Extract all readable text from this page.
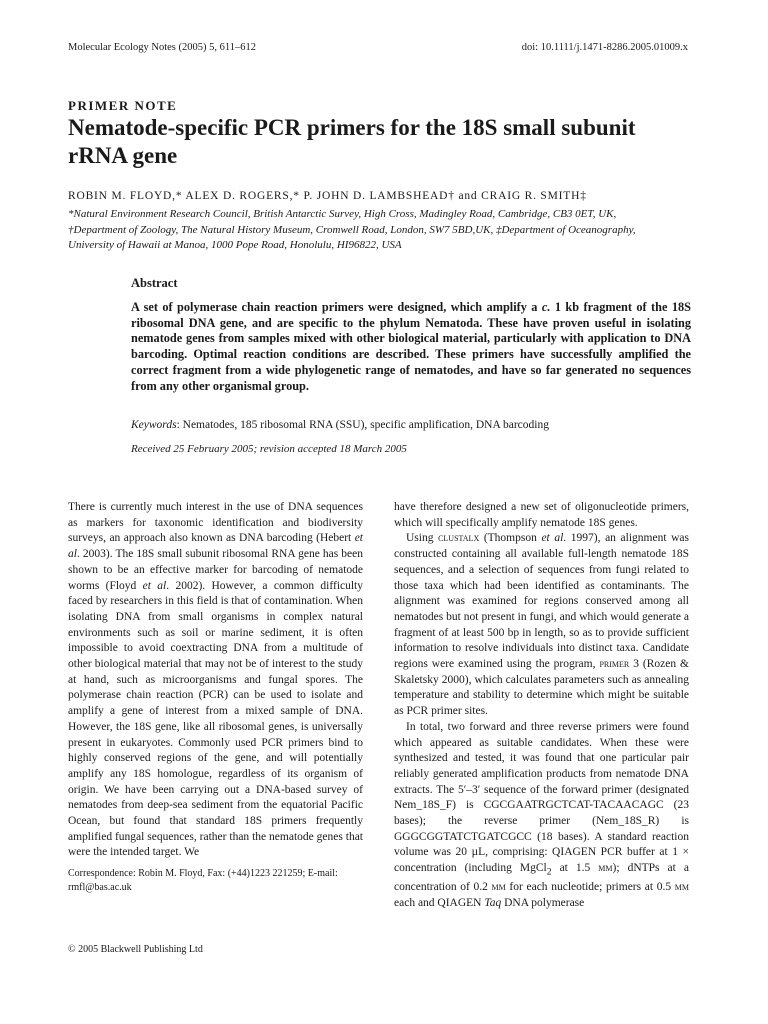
Molecular Ecology Notes (2005) 5, 611–612	doi: 10.1111/j.1471-8286.2005.01009.x
PRIMER NOTE
Nematode-specific PCR primers for the 18S small subunit rRNA gene
ROBIN M. FLOYD,* ALEX D. ROGERS,* P. JOHN D. LAMBSHEAD† and CRAIG R. SMITH‡
*Natural Environment Research Council, British Antarctic Survey, High Cross, Madingley Road, Cambridge, CB3 0ET, UK,
†Department of Zoology, The Natural History Museum, Cromwell Road, London, SW7 5BD,UK, ‡Department of Oceanography,
University of Hawaii at Manoa, 1000 Pope Road, Honolulu, HI96822, USA
Abstract
A set of polymerase chain reaction primers were designed, which amplify a c. 1 kb fragment of the 18S ribosomal DNA gene, and are specific to the phylum Nematoda. These have proven useful in isolating nematode genes from samples mixed with other biological material, particularly with application to DNA barcoding. Optimal reaction conditions are described. These primers have successfully amplified the correct fragment from a wide phylogenetic range of nematodes, and have so far generated no sequences from any other organismal group.
Keywords: Nematodes, 185 ribosomal RNA (SSU), specific amplification, DNA barcoding
Received 25 February 2005; revision accepted 18 March 2005

There is currently much interest in the use of DNA sequences as markers for taxonomic identification and biodiversity surveys, an approach also known as DNA barcoding (Hebert et al. 2003). The 18S small subunit ribosomal RNA gene has been shown to be an effective marker for barcoding of nematode worms (Floyd et al. 2002). However, a common difficulty faced by researchers in this field is that of contamination. When isolating DNA from small organisms in complex natural environments such as soil or marine sediment, it is often impossible to avoid coextracting DNA from a multitude of other biological material that may not be of interest to the study at hand, such as microorganisms and fungal spores. The polymerase chain reaction (PCR) can be used to isolate and amplify a gene of interest from a mixed sample of DNA. However, the 18S gene, like all ribosomal genes, is universally present in eukaryotes. Commonly used PCR primers bind to highly conserved regions of the gene, and will potentially amplify any 18S homologue, regardless of its organism of origin. We have been carrying out a DNA-based survey of nematodes from deep-sea sediment from the equatorial Pacific Ocean, but found that standard 18S primers frequently amplified fungal sequences, rather than the nematode genes that were the intended target. We

have therefore designed a new set of oligonucleotide primers, which will specifically amplify nematode 18S genes.

Using clustalx (Thompson et al. 1997), an alignment was constructed containing all available full-length nematode 18S sequences, and a selection of sequences from fungi related to those taxa which had been identified as contaminants. The alignment was examined for regions conserved among all nematodes but not present in fungi, and which would generate a fragment of at least 500 bp in length, so as to provide sufficient information to resolve individuals into distinct taxa. Candidate regions were examined using the program, primer 3 (Rozen & Skaletsky 2000), which calculates parameters such as annealing temperature and stability to determine which might be suitable as PCR primer sites.

In total, two forward and three reverse primers were found which appeared as suitable candidates. When these were synthesized and tested, it was found that one particular pair reliably generated amplification products from nematode DNA extracts. The 5′–3′ sequence of the forward primer (designated Nem_18S_F) is CGCGAATRGCTCAT-TACAACAGC (23 bases); the reverse primer (Nem_18S_R) is GGGCGGTATCTGATCGCC (18 bases). A standard reaction volume was 20 µL, comprising: QIAGEN PCR buffer at 1 × concentration (including MgCl$_2$ at 1.5 mm); dNTPs at a concentration of 0.2 mm for each nucleotide; primers at 0.5 µm each and QIAGEN Taq DNA polymerase

Correspondence: Robin M. Floyd, Fax: (+44)1223 221259; E-mail: rmfl@bas.ac.uk
© 2005 Blackwell Publishing Ltd
